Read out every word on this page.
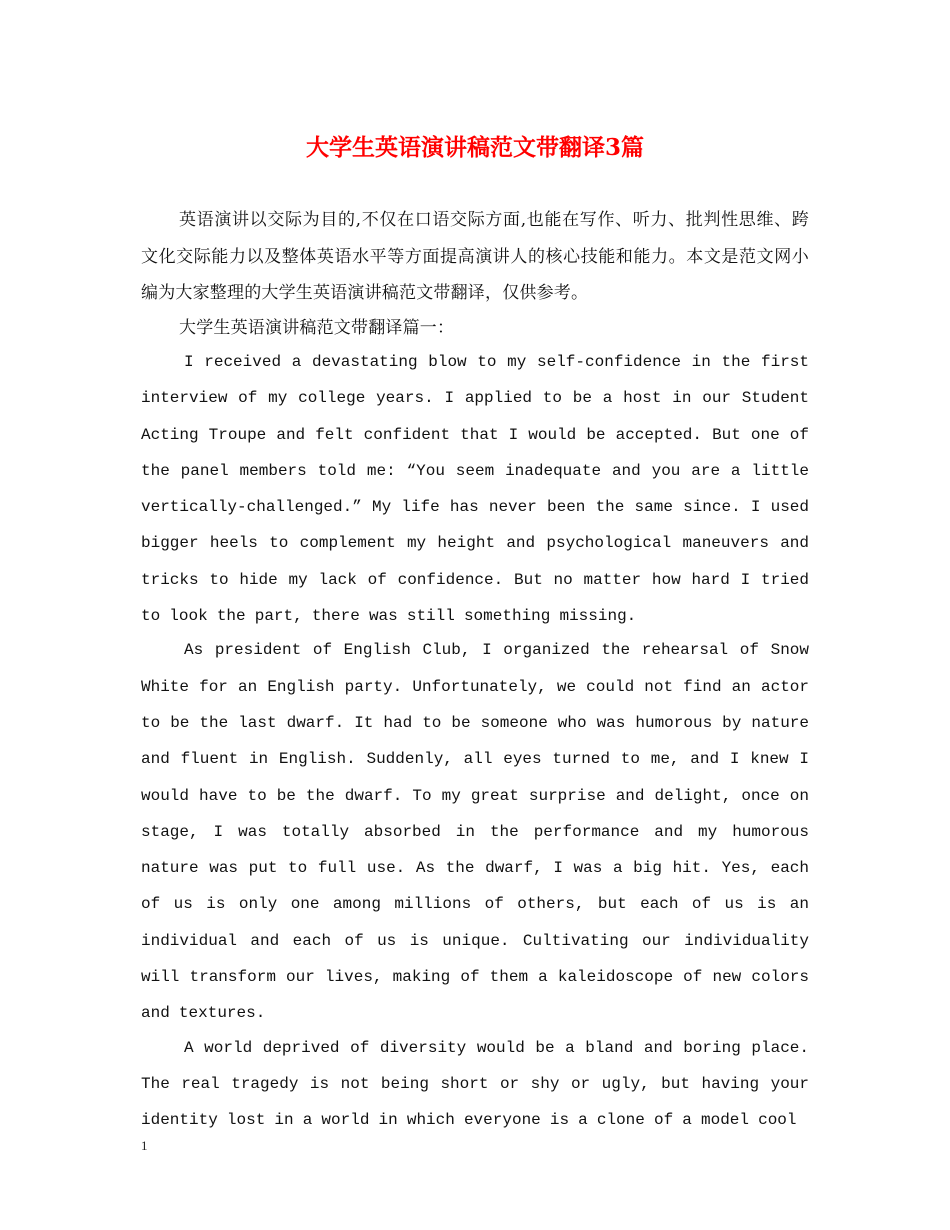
大学生英语演讲稿范文带翻译3篇

英语演讲以交际为目的,不仅在口语交际方面,也能在写作、听力、批判性思维、跨文化交际能力以及整体英语水平等方面提高演讲人的核心技能和能力。本文是范文网小编为大家整理的大学生英语演讲稿范文带翻译，仅供参考。

大学生英语演讲稿范文带翻译篇一：

I received a devastating blow to my self-confidence in the first interview of my college years. I applied to be a host in our Student Acting Troupe and felt confident that I would be accepted. But one of the panel members told me: “You seem inadequate and you are a little vertically-challenged.” My life has never been the same since. I used bigger heels to complement my height and psychological maneuvers and tricks to hide my lack of confidence. But no matter how hard I tried to look the part, there was still something missing.

As president of English Club, I organized the rehearsal of Snow White for an English party. Unfortunately, we could not find an actor to be the last dwarf. It had to be someone who was humorous by nature and fluent in English. Suddenly, all eyes turned to me, and I knew I would have to be the dwarf. To my great surprise and delight, once on stage, I was totally absorbed in the performance and my humorous nature was put to full use. As the dwarf, I was a big hit. Yes, each of us is only one among millions of others, but each of us is an individual and each of us is unique. Cultivating our individuality will transform our lives, making of them a kaleidoscope of new colors and textures.

A world deprived of diversity would be a bland and boring place. The real tragedy is not being short or shy or ugly, but having your identity lost in a world in which everyone is a clone of a model cool

1
